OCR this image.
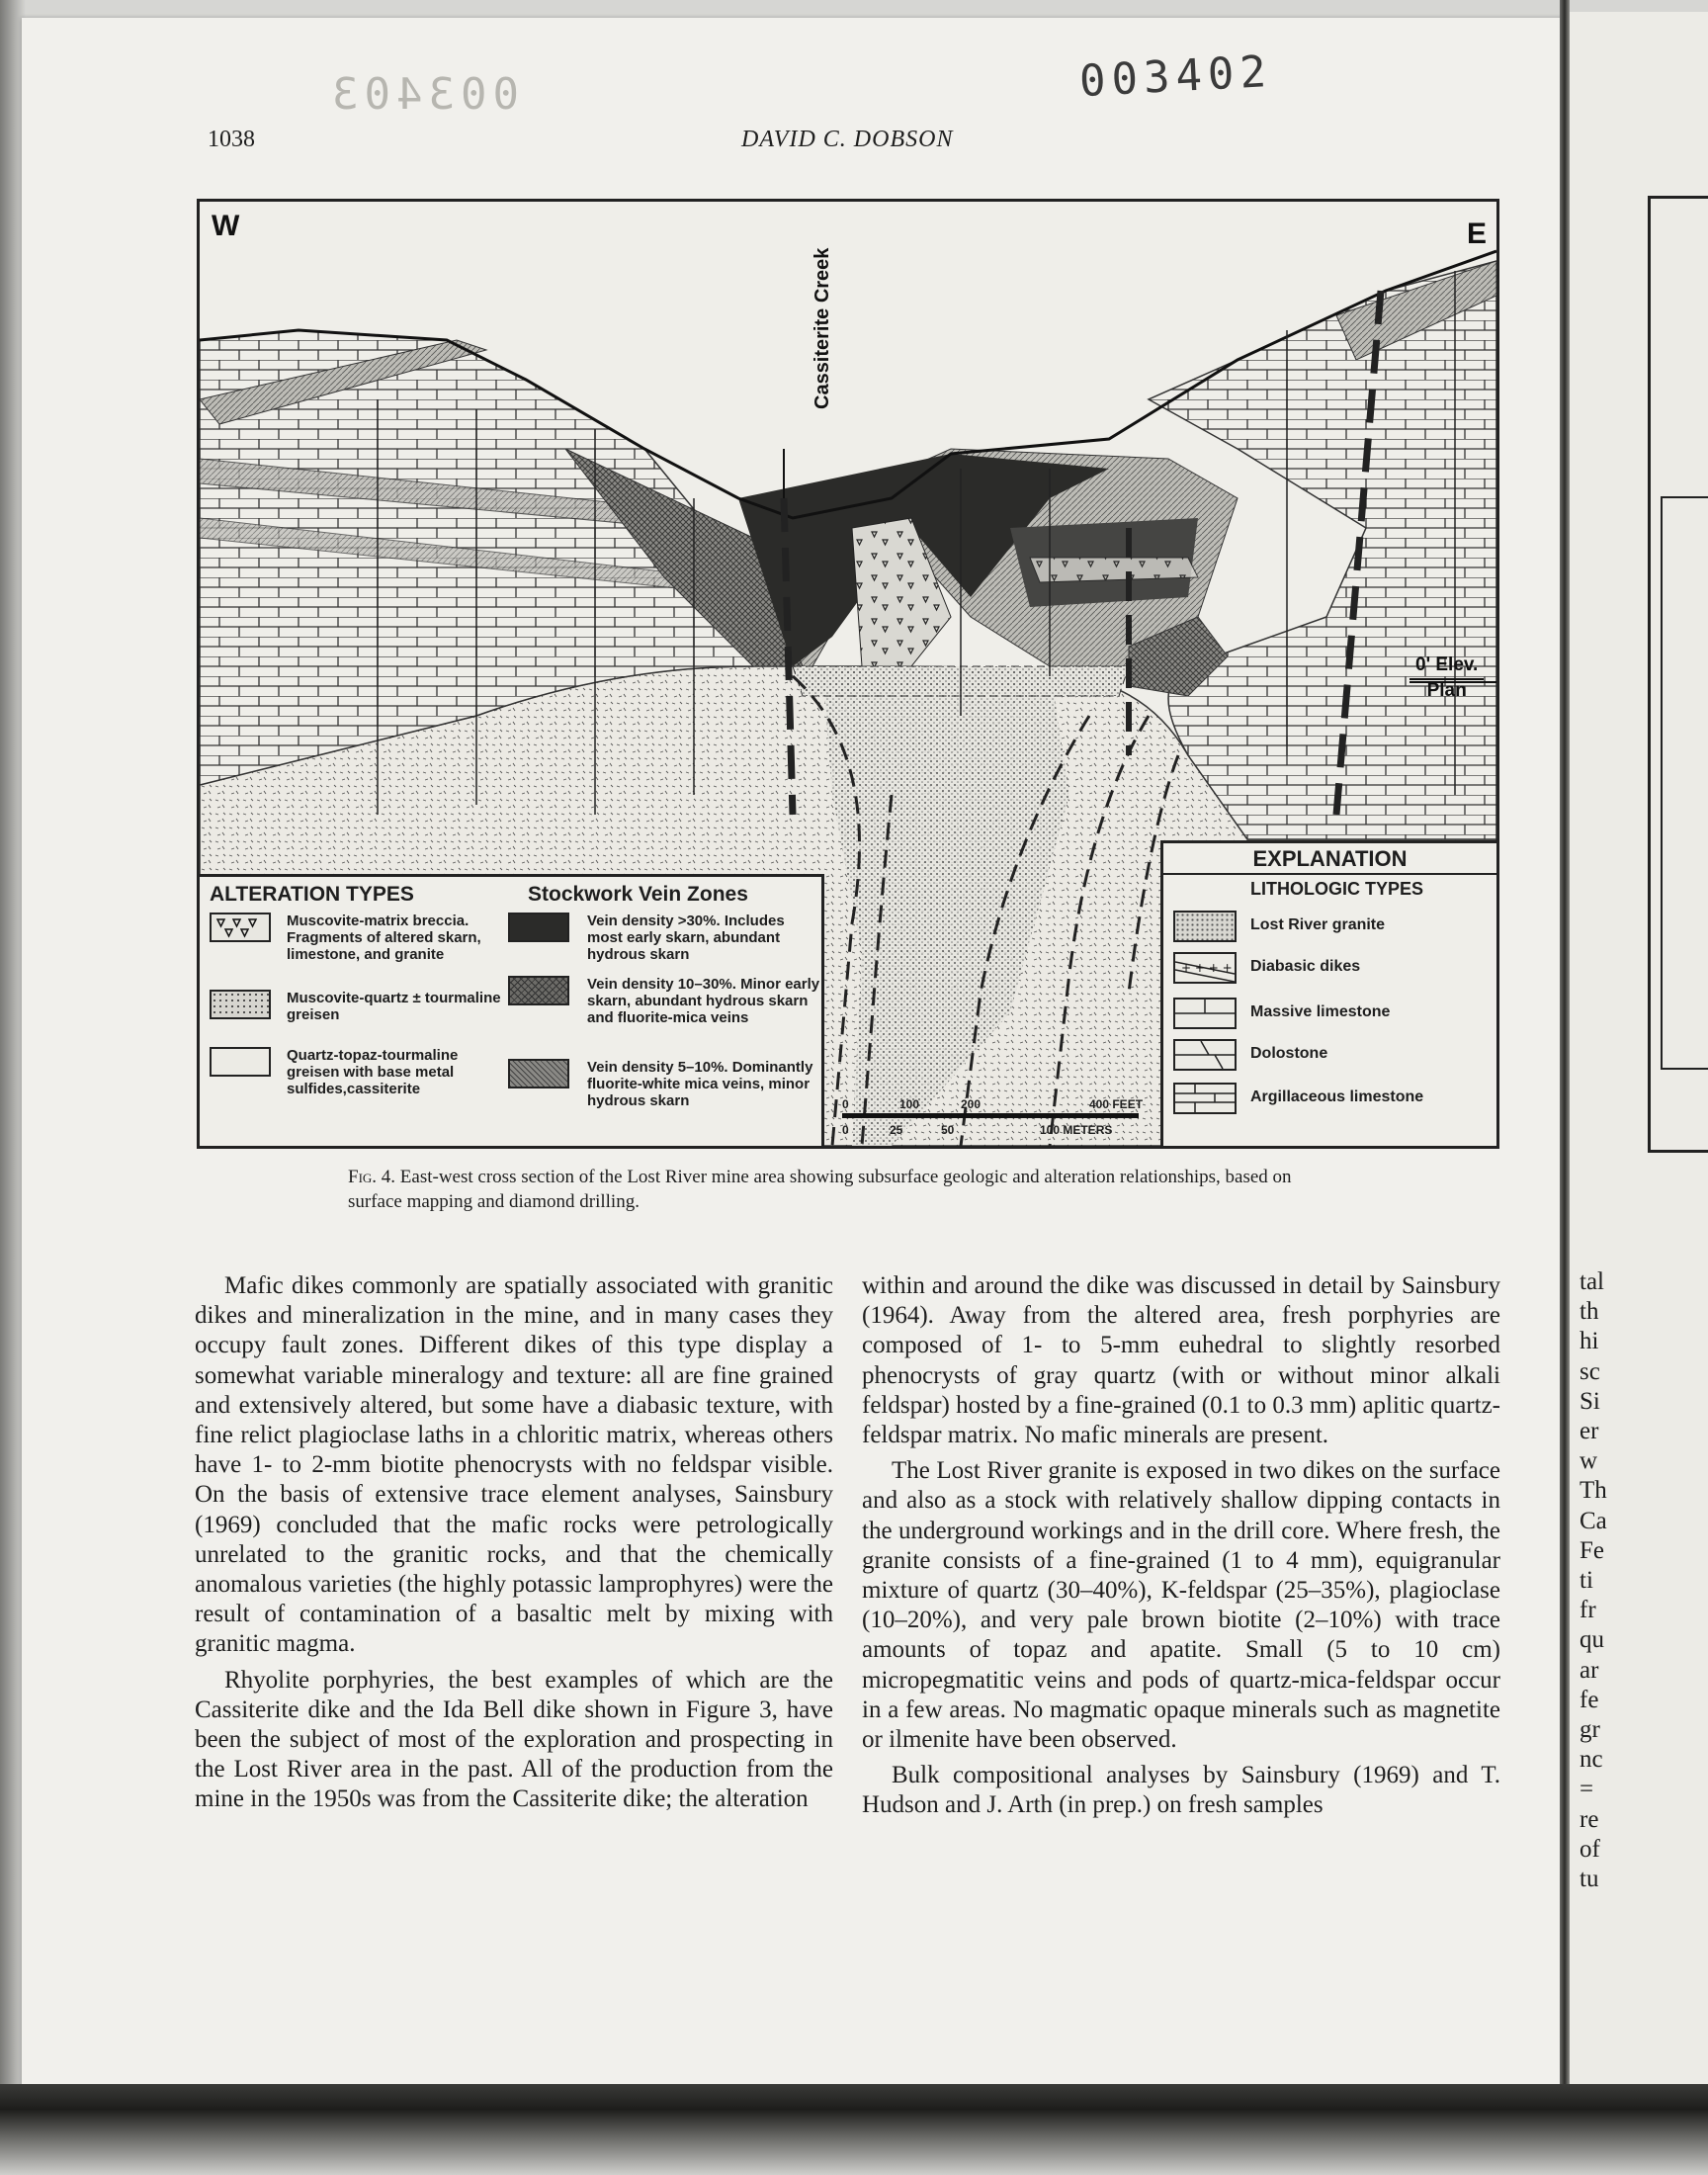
003403	003402
1038	DAVID C. DOBSON
W	E
Cassiterite Creek
0' Elev.
Plan
ALTERATION TYPES	Stockwork Vein Zones
Muscovite-matrix breccia. Fragments of altered skarn, limestone, and granite
Muscovite-quartz ± tourmaline greisen
Quartz-topaz-tourmaline greisen with base metal sulfides,cassiterite
Vein density >30%. Includes most early skarn, abundant hydrous skarn
Vein density 10–30%. Minor early skarn, abundant hydrous skarn and fluorite-mica veins
Vein density 5–10%. Dominantly fluorite-white mica veins, minor hydrous skarn	0	100	200	400 FEET
0	25	50	100 METERS
EXPLANATION
LITHOLOGIC TYPES
Lost River granite
+ + + + Diabasic dikes
Massive limestone
Dolostone
Argillaceous limestone
Fig. 4. East-west cross section of the Lost River mine area showing subsurface geologic and alteration relationships, based on surface mapping and diamond drilling.

Mafic dikes commonly are spatially associated with granitic dikes and mineralization in the mine, and in many cases they occupy fault zones. Different dikes of this type display a somewhat variable mineralogy and texture: all are fine grained and extensively altered, but some have a diabasic texture, with fine relict plagioclase laths in a chloritic matrix, whereas others have 1- to 2-mm biotite phenocrysts with no feldspar visible. On the basis of extensive trace element analyses, Sainsbury (1969) concluded that the mafic rocks were petrologically unrelated to the granitic rocks, and that the chemically anomalous varieties (the highly potassic lamprophyres) were the result of contamination of a basaltic melt by mixing with granitic magma.

Rhyolite porphyries, the best examples of which are the Cassiterite dike and the Ida Bell dike shown in Figure 3, have been the subject of most of the exploration and prospecting in the Lost River area in the past. All of the production from the mine in the 1950s was from the Cassiterite dike; the alteration

within and around the dike was discussed in detail by Sainsbury (1964). Away from the altered area, fresh porphyries are composed of 1- to 5-mm euhedral to slightly resorbed phenocrysts of gray quartz (with or without minor alkali feldspar) hosted by a fine-grained (0.1 to 0.3 mm) aplitic quartz-feldspar matrix. No mafic minerals are present.

The Lost River granite is exposed in two dikes on the surface and also as a stock with relatively shallow dipping contacts in the underground workings and in the drill core. Where fresh, the granite consists of a fine-grained (1 to 4 mm), equigranular mixture of quartz (30–40%), K-feldspar (25–35%), plagioclase (10–20%), and very pale brown biotite (2–10%) with trace amounts of topaz and apatite. Small (5 to 10 cm) micropegmatitic veins and pods of quartz-mica-feldspar occur in a few areas. No magmatic opaque minerals such as magnetite or ilmenite have been observed.

Bulk compositional analyses by Sainsbury (1969) and T. Hudson and J. Arth (in prep.) on fresh samples

tal
th
hi
sc
Si
er
w
Th
Ca
Fe
ti
fr
qu
ar
fe
gr
nc
=
re
of
tu
